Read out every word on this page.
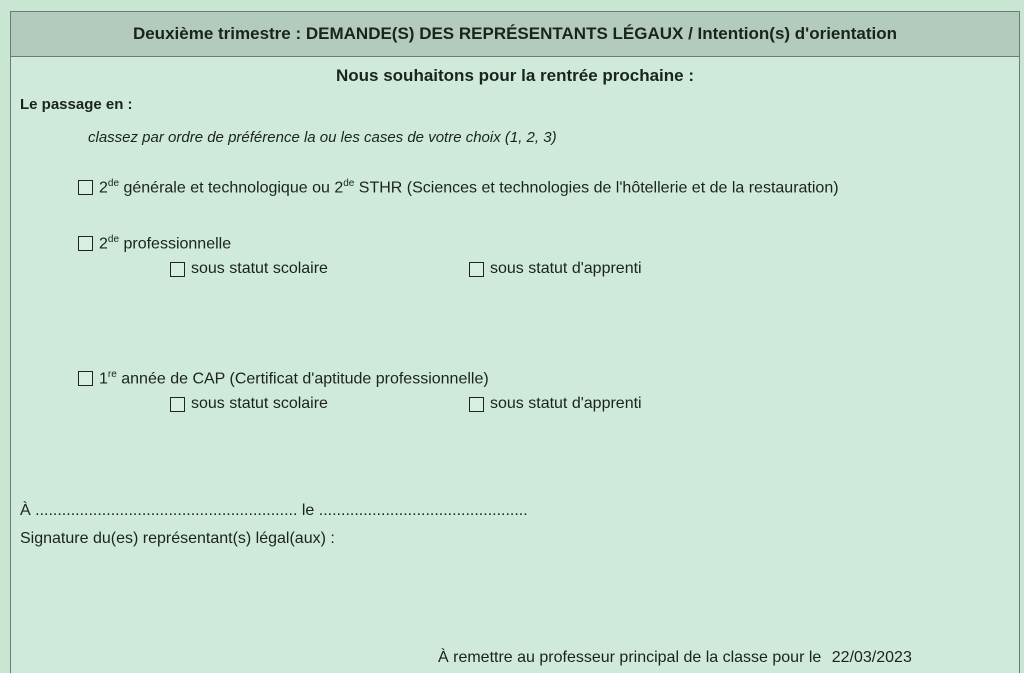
Deuxième trimestre : DEMANDE(S) DES REPRÉSENTANTS LÉGAUX / Intention(s) d'orientation
Nous souhaitons pour la rentrée prochaine :
Le passage en :
classez par ordre de préférence la ou les cases de votre choix (1, 2, 3)
2de générale et technologique ou 2de STHR (Sciences et technologies de l'hôtellerie et de la restauration)
2de professionnelle
sous statut scolaire	sous statut d'apprenti
1re année de CAP (Certificat d'aptitude professionnelle)
sous statut scolaire	sous statut d'apprenti
À ........................................................... le ...............................................
Signature du(es) représentant(s) légal(aux) :
À remettre au professeur principal de la classe pour le 22/03/2023
